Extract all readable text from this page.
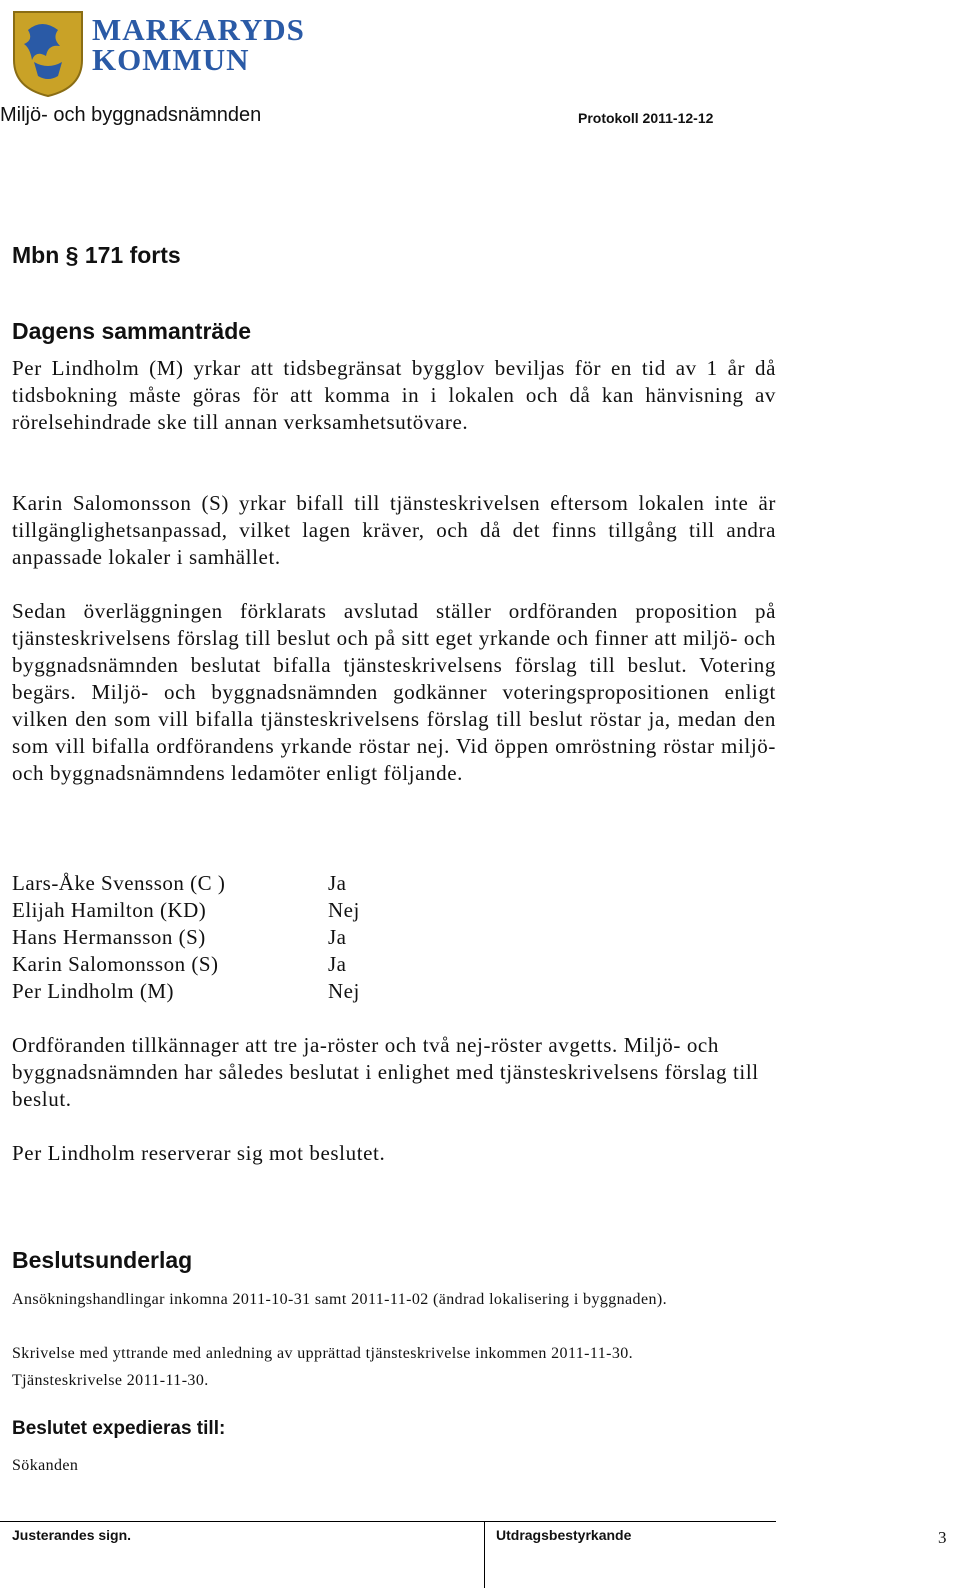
MARKARYDS
KOMMUN
Miljö- och byggnadsnämnden	Protokoll 2011-12-12
Mbn § 171 forts
Dagens sammanträde
Per Lindholm (M) yrkar att tidsbegränsat bygglov beviljas för en tid av 1 år då tidsbokning måste göras för att komma in i lokalen och då kan hänvisning av rörelsehindrade ske till annan verksamhetsutövare.
Karin Salomonsson (S) yrkar bifall till tjänsteskrivelsen eftersom lokalen inte är tillgänglighetsanpassad, vilket lagen kräver, och då det finns tillgång till andra anpassade lokaler i samhället.
Sedan överläggningen förklarats avslutad ställer ordföranden proposition på tjänsteskrivelsens förslag till beslut och på sitt eget yrkande och finner att miljö- och byggnadsnämnden beslutat bifalla tjänsteskrivelsens förslag till beslut. Votering begärs. Miljö- och byggnadsnämnden godkänner voteringspropositionen enligt vilken den som vill bifalla tjänsteskrivelsens förslag till beslut röstar ja, medan den som vill bifalla ordförandens yrkande röstar nej. Vid öppen omröstning röstar miljö- och byggnadsnämndens ledamöter enligt följande.
Lars-Åke Svensson (C )	Ja
Elijah Hamilton (KD)	Nej
Hans Hermansson (S)	Ja
Karin Salomonsson (S)	Ja
Per Lindholm (M)	Nej
Ordföranden tillkännager att tre ja-röster och två nej-röster avgetts. Miljö- och byggnadsnämnden har således beslutat i enlighet med tjänsteskrivelsens förslag till beslut.
Per Lindholm reserverar sig mot beslutet.
Beslutsunderlag
Ansökningshandlingar inkomna 2011-10-31 samt 2011-11-02 (ändrad lokalisering i byggnaden).
Skrivelse med yttrande med anledning av upprättad tjänsteskrivelse inkommen 2011-11-30.
Tjänsteskrivelse 2011-11-30.
Beslutet expedieras till:
Sökanden
Justerandes sign.	Utdragsbestyrkande	3
